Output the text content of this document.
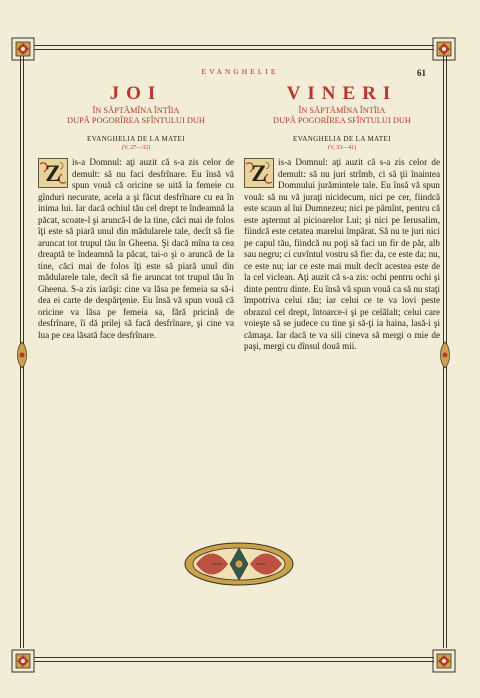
EVANGHELIE	61
JOI
ÎN SĂPTĂMÎNA ÎNTÎIA
DUPĂ POGORÎREA SFÎNTULUI DUH
EVANGHELIA DE LA MATEI
(V, 27—32)
Z	is-a Domnul: aţi auzit că s-a zis celor de demult: să nu faci desfrînare. Eu însă vă spun vouă că oricine se uită la femeie cu gînduri necurate, acela a şi făcut desfrînare cu ea în inima lui. Iar dacă ochiul tău cel drept te îndeamnă la păcat, scoate-l şi aruncă-l de la tine, căci mai de folos îţi este să piară unul din mădularele tale, decît să fie aruncat tot trupul tău în Gheena. Şi dacă mîna ta cea dreaptă te îndeamnă la păcat, tai-o şi o aruncă de la tine, căci mai de folos îţi este să piară unul din mădularele tale, decît să fie aruncat tot trupul tău în Gheena. S-a zis iarăşi: cine va lăsa pe femeia sa să-i dea ei carte de despărţenie. Eu însă vă spun vouă că oricine va lăsa pe femeia sa, fără pricină de desfrînare, îi dă prilej să facă desfrînare, şi cine va lua pe cea lăsată face desfrînare.
VINERI
ÎN SĂPTĂMÎNA ÎNTÎIA
DUPĂ POGORÎREA SFÎNTULUI DUH
EVANGHELIA DE LA MATEI
(V, 33—41)
Z	is-a Domnul: aţi auzit că s-a zis celor de demult: să nu juri strîmb, ci să ţii înaintea Domnului jurămintele tale. Eu însă vă spun vouă: să nu vă juraţi nicidecum, nici pe cer, fiindcă este scaun al lui Dumnezeu; nici pe pămînt, pentru că este aşternut al picioarelor Lui; şi nici pe Ierusalim, fiindcă este cetatea marelui împărat. Să nu te juri nici pe capul tău, fiindcă nu poţi să faci un fir de păr, alb sau negru; ci cuvîntul vostru să fie: da, ce este da; nu, ce este nu; iar ce este mai mult decît acestea este de la cel viclean. Aţi auzit că s-a zis: ochi pentru ochi şi dinte pentru dinte. Eu însă vă spun vouă ca să nu staţi împotriva celui rău; iar celui ce te va lovi peste obrazul cel drept, întoarce-i şi pe celălalt; celui care voieşte să se judece cu tine şi să-ţi ia haina, lasă-i şi cămaşa. Iar dacă te va sili cineva să mergi o mie de paşi, mergi cu dînsul două mii.
